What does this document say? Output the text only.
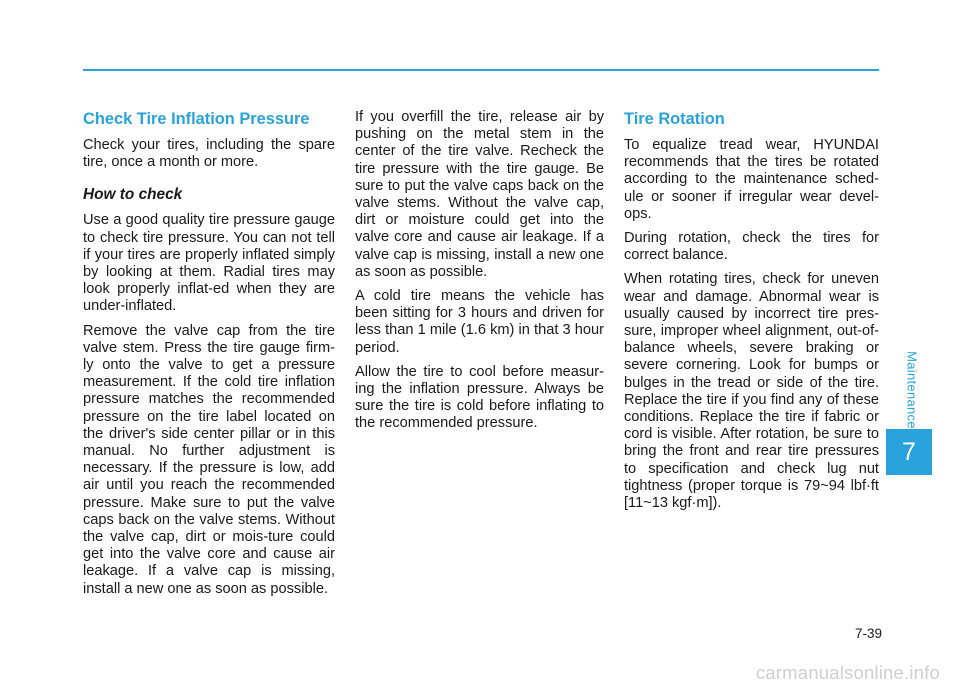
Check Tire Inflation Pressure

Check your tires, including the spare tire, once a month or more.

How to check

Use a good quality tire pressure gauge to check tire pressure. You can not tell if your tires are properly inflated simply by looking at them. Radial tires may look properly inflat-ed when they are under-inflated.

Remove the valve cap from the tire valve stem. Press the tire gauge firm-ly onto the valve to get a pressure measurement. If the cold tire inflation pressure matches the recommended pressure on the tire label located on the driver's side center pillar or in this manual. No further adjustment is necessary. If the pressure is low, add air until you reach the recommended pressure. Make sure to put the valve caps back on the valve stems. Without the valve cap, dirt or mois-ture could get into the valve core and cause air leakage. If a valve cap is missing, install a new one as soon as possible.

If you overfill the tire, release air by pushing on the metal stem in the center of the tire valve. Recheck the tire pressure with the tire gauge. Be sure to put the valve caps back on the valve stems. Without the valve cap, dirt or moisture could get into the valve core and cause air leakage. If a valve cap is missing, install a new one as soon as possible.

A cold tire means the vehicle has been sitting for 3 hours and driven for less than 1 mile (1.6 km) in that 3 hour period.

Allow the tire to cool before measur-ing the inflation pressure. Always be sure the tire is cold before inflating to the recommended pressure.

Tire Rotation

To equalize tread wear, HYUNDAI recommends that the tires be rotated according to the maintenance sched-ule or sooner if irregular wear devel-ops.

During rotation, check the tires for correct balance.

When rotating tires, check for uneven wear and damage. Abnormal wear is usually caused by incorrect tire pres-sure, improper wheel alignment, out-of-balance wheels, severe braking or severe cornering. Look for bumps or bulges in the tread or side of the tire. Replace the tire if you find any of these conditions. Replace the tire if fabric or cord is visible. After rotation, be sure to bring the front and rear tire pressures to specification and check lug nut tightness (proper torque is 79~94 lbf·ft [11~13 kgf·m]).

Maintenance
7
7-39
carmanualsonline.info
